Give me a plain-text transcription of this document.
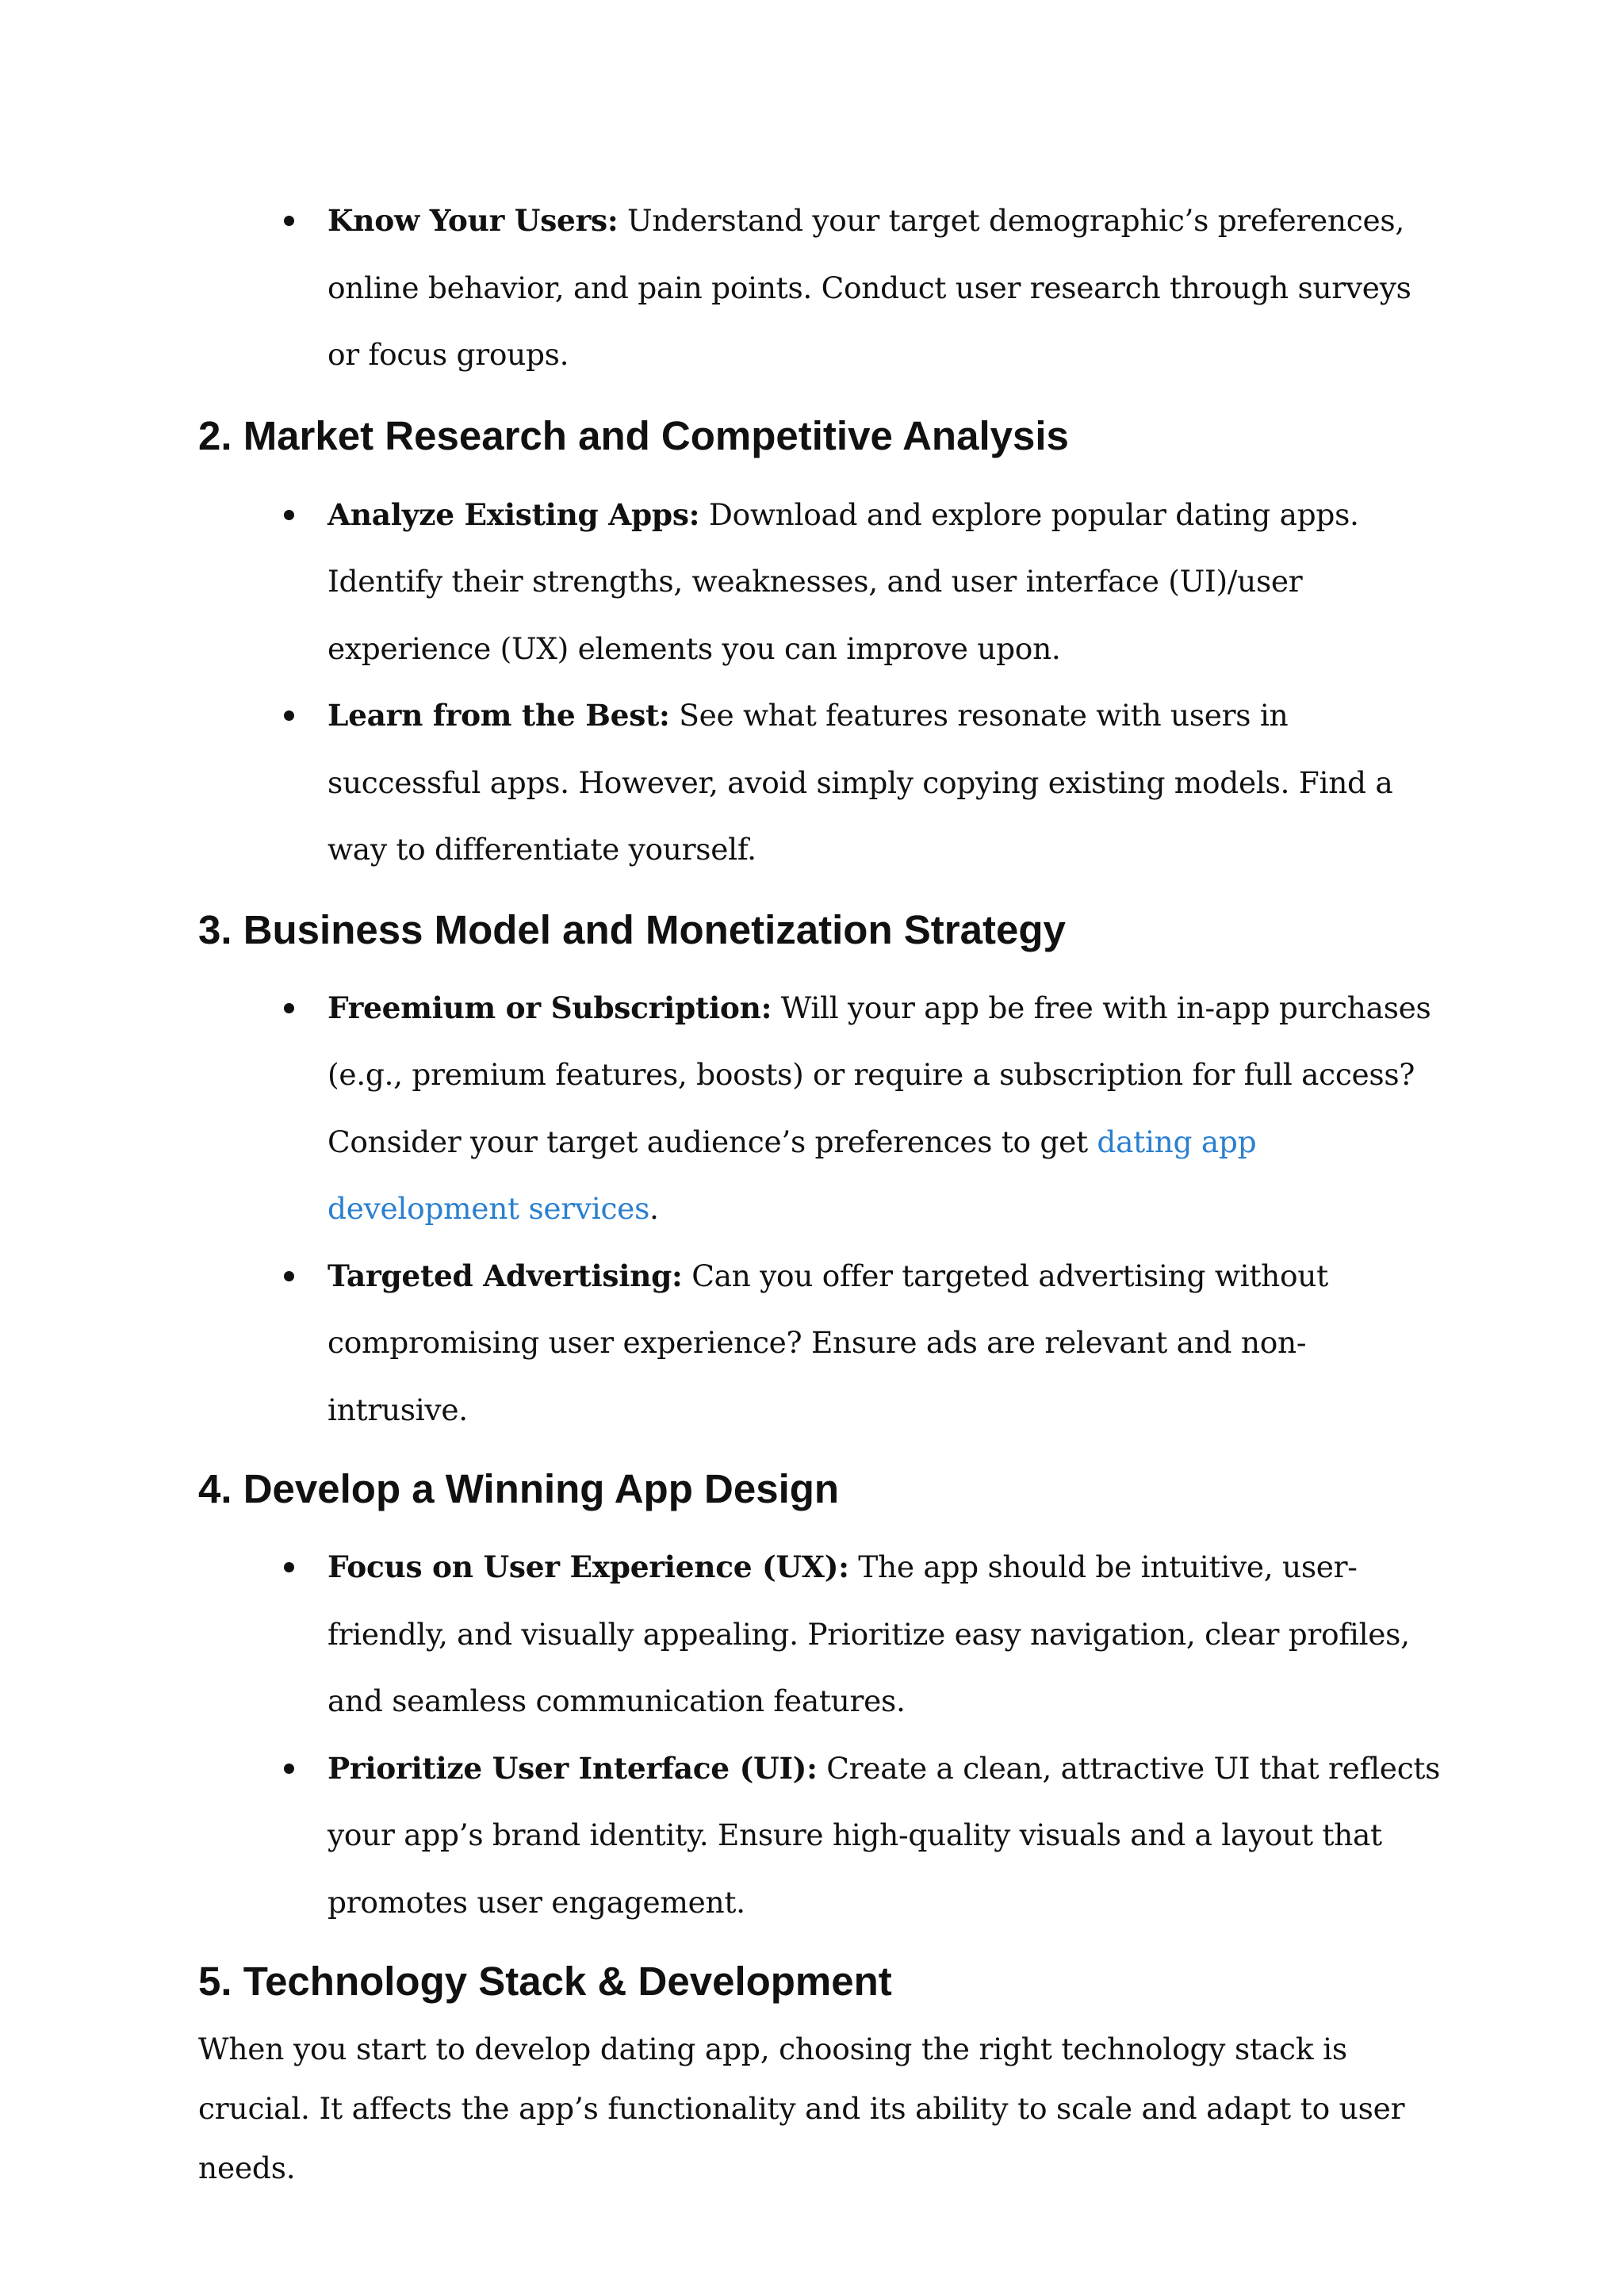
Know Your Users: Understand your target demographic’s preferences, online behavior, and pain points. Conduct user research through surveys or focus groups.
2. Market Research and Competitive Analysis
Analyze Existing Apps: Download and explore popular dating apps. Identify their strengths, weaknesses, and user interface (UI)/user experience (UX) elements you can improve upon.
Learn from the Best: See what features resonate with users in successful apps. However, avoid simply copying existing models. Find a way to differentiate yourself.
3. Business Model and Monetization Strategy
Freemium or Subscription: Will your app be free with in-app purchases (e.g., premium features, boosts) or require a subscription for full access? Consider your target audience’s preferences to get dating app development services.
Targeted Advertising: Can you offer targeted advertising without compromising user experience? Ensure ads are relevant and non-intrusive.
4. Develop a Winning App Design
Focus on User Experience (UX): The app should be intuitive, user-friendly, and visually appealing. Prioritize easy navigation, clear profiles, and seamless communication features.
Prioritize User Interface (UI): Create a clean, attractive UI that reflects your app’s brand identity. Ensure high-quality visuals and a layout that promotes user engagement.
5. Technology Stack & Development

When you start to develop dating app, choosing the right technology stack is crucial. It affects the app’s functionality and its ability to scale and adapt to user needs.
